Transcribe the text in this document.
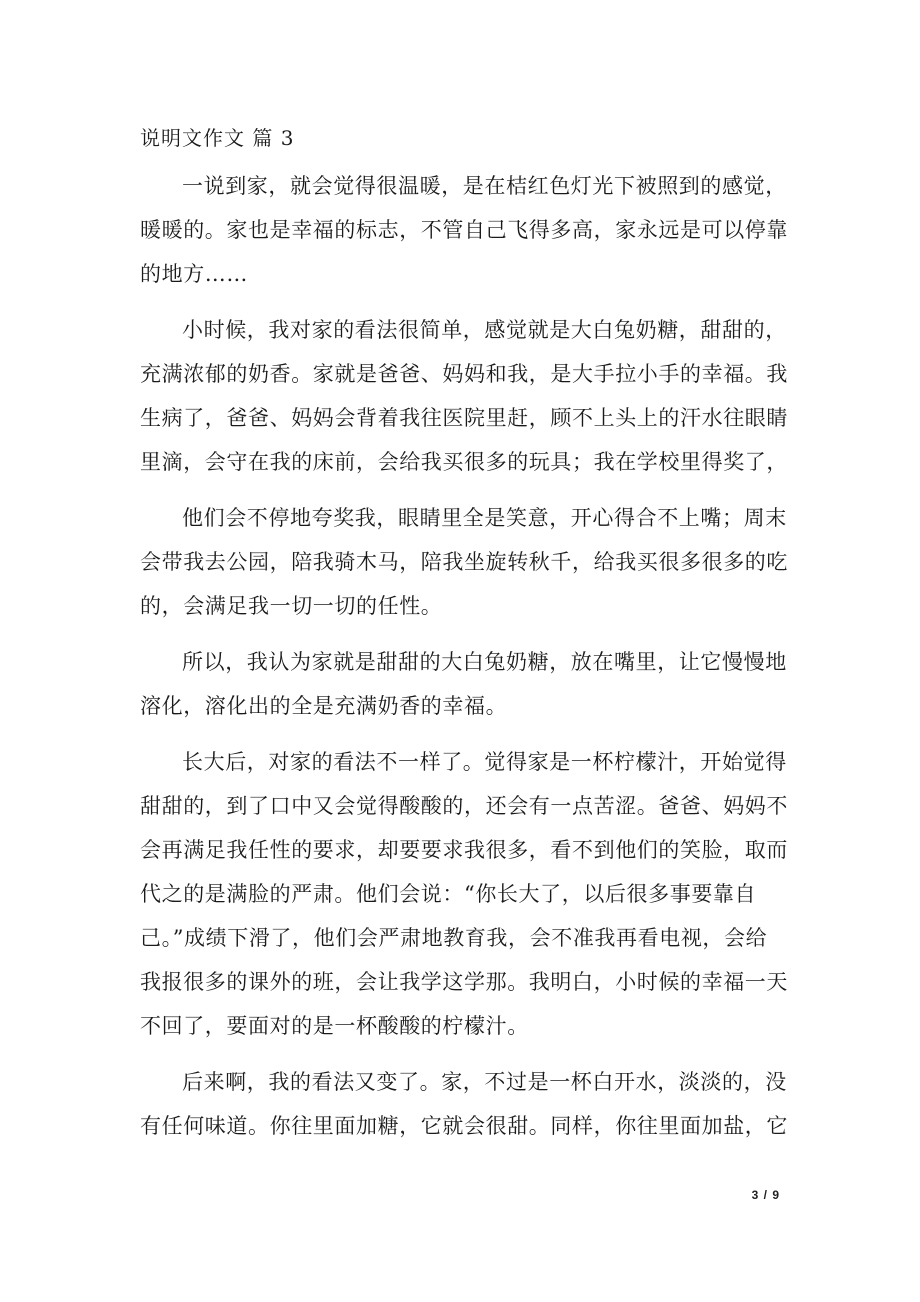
说明文作文 篇 3
一说到家，就会觉得很温暖，是在桔红色灯光下被照到的感觉，
暖暖的。家也是幸福的标志，不管自己飞得多高，家永远是可以停靠
的地方……
小时候，我对家的看法很简单，感觉就是大白兔奶糖，甜甜的，
充满浓郁的奶香。家就是爸爸、妈妈和我，是大手拉小手的幸福。我
生病了，爸爸、妈妈会背着我往医院里赶，顾不上头上的汗水往眼睛
里滴，会守在我的床前，会给我买很多的玩具；我在学校里得奖了，
他们会不停地夸奖我，眼睛里全是笑意，开心得合不上嘴；周末
会带我去公园，陪我骑木马，陪我坐旋转秋千，给我买很多很多的吃
的，会满足我一切一切的任性。
所以，我认为家就是甜甜的大白兔奶糖，放在嘴里，让它慢慢地
溶化，溶化出的全是充满奶香的幸福。
长大后，对家的看法不一样了。觉得家是一杯柠檬汁，开始觉得
甜甜的，到了口中又会觉得酸酸的，还会有一点苦涩。爸爸、妈妈不
会再满足我任性的要求，却要要求我很多，看不到他们的笑脸，取而
代之的是满脸的严肃。他们会说：“你长大了，以后很多事要靠自
己。”成绩下滑了，他们会严肃地教育我，会不准我再看电视，会给
我报很多的课外的班，会让我学这学那。我明白，小时候的幸福一天
不回了，要面对的是一杯酸酸的柠檬汁。
后来啊，我的看法又变了。家，不过是一杯白开水，淡淡的，没
有任何味道。你往里面加糖，它就会很甜。同样，你往里面加盐，它
3 / 9
